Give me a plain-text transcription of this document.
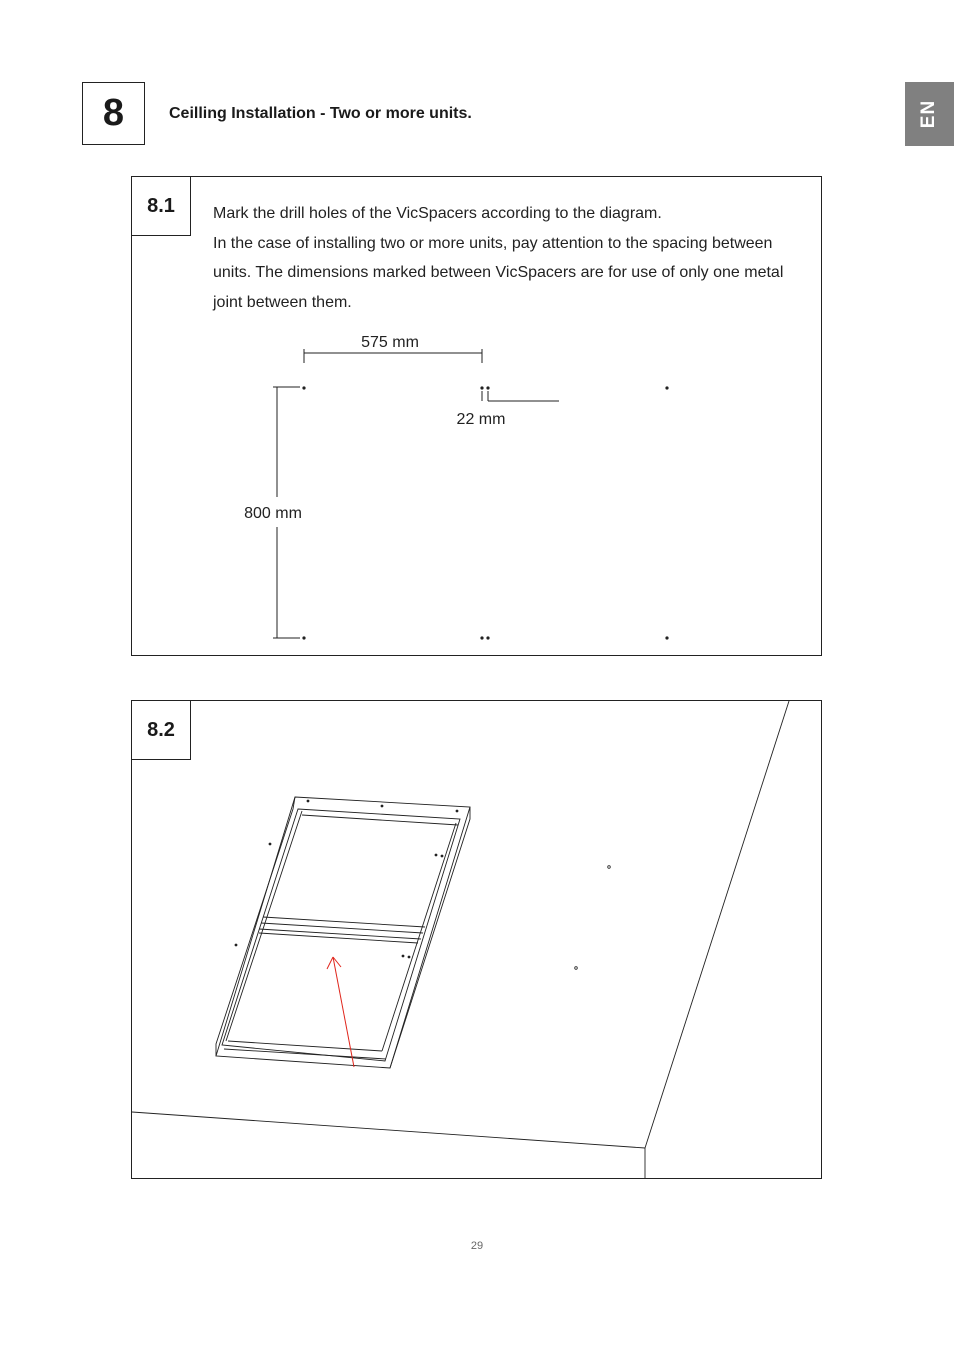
8	Ceilling Installation - Two or more units.	EN
8.1	Mark the drill holes of the VicSpacers according to the diagram.

In the case of installing two or more units, pay attention to the spacing between units. The dimensions marked between VicSpacers are for use of only one metal joint between them.

575 mm
22 mm
800 mm
8.2
29
